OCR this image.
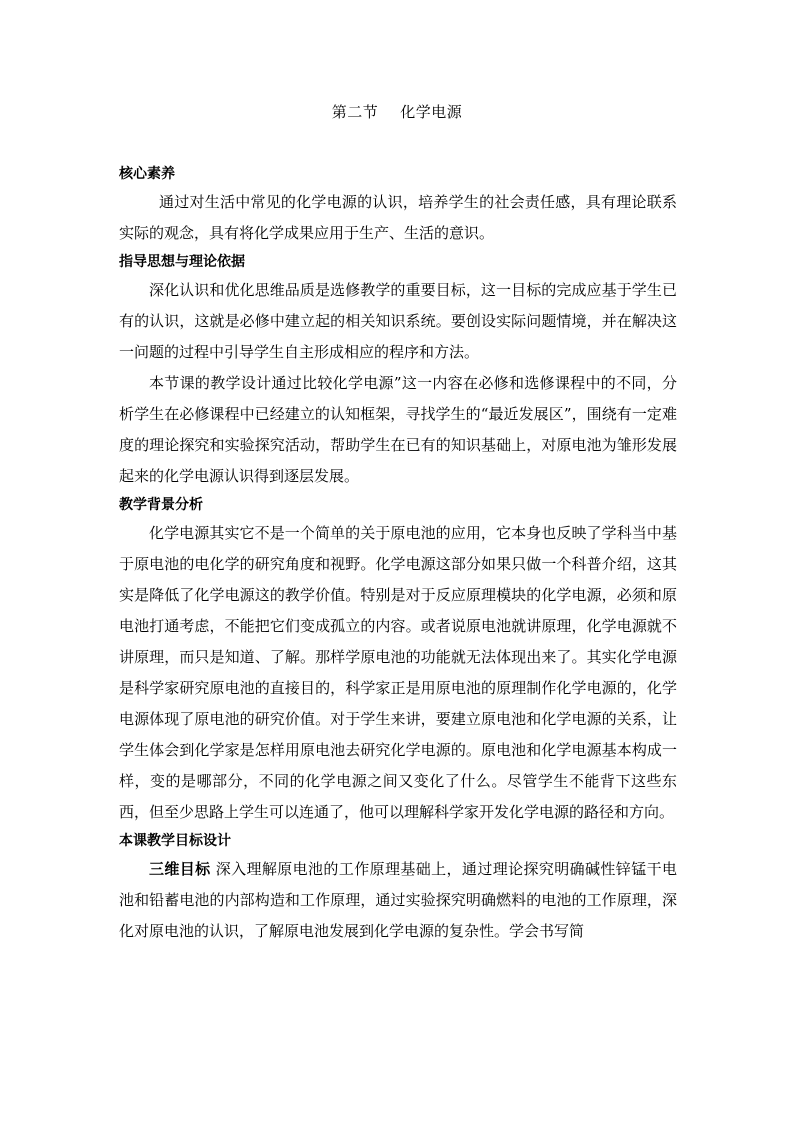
第二节 化学电源
核心素养

通过对生活中常见的化学电源的认识，培养学生的社会责任感，具有理论联系实际的观念，具有将化学成果应用于生产、生活的意识。

指导思想与理论依据

深化认识和优化思维品质是选修教学的重要目标，这一目标的完成应基于学生已有的认识，这就是必修中建立起的相关知识系统。要创设实际问题情境，并在解决这一问题的过程中引导学生自主形成相应的程序和方法。

本节课的教学设计通过比较化学电源”这一内容在必修和选修课程中的不同，分析学生在必修课程中已经建立的认知框架，寻找学生的“最近发展区”，围绕有一定难度的理论探究和实验探究活动，帮助学生在已有的知识基础上，对原电池为雏形发展起来的化学电源认识得到逐层发展。

教学背景分析

化学电源其实它不是一个简单的关于原电池的应用，它本身也反映了学科当中基于原电池的电化学的研究角度和视野。化学电源这部分如果只做一个科普介绍，这其实是降低了化学电源这的教学价值。特别是对于反应原理模块的化学电源，必须和原电池打通考虑，不能把它们变成孤立的内容。或者说原电池就讲原理，化学电源就不讲原理，而只是知道、了解。那样学原电池的功能就无法体现出来了。其实化学电源是科学家研究原电池的直接目的，科学家正是用原电池的原理制作化学电源的，化学电源体现了原电池的研究价值。对于学生来讲，要建立原电池和化学电源的关系，让学生体会到化学家是怎样用原电池去研究化学电源的。原电池和化学电源基本构成一样，变的是哪部分，不同的化学电源之间又变化了什么。尽管学生不能背下这些东西，但至少思路上学生可以连通了，他可以理解科学家开发化学电源的路径和方向。

本课教学目标设计

三维目标 深入理解原电池的工作原理基础上，通过理论探究明确碱性锌锰干电池和铅蓄电池的内部构造和工作原理，通过实验探究明确燃料的电池的工作原理，深化对原电池的认识，了解原电池发展到化学电源的复杂性。学会书写简
